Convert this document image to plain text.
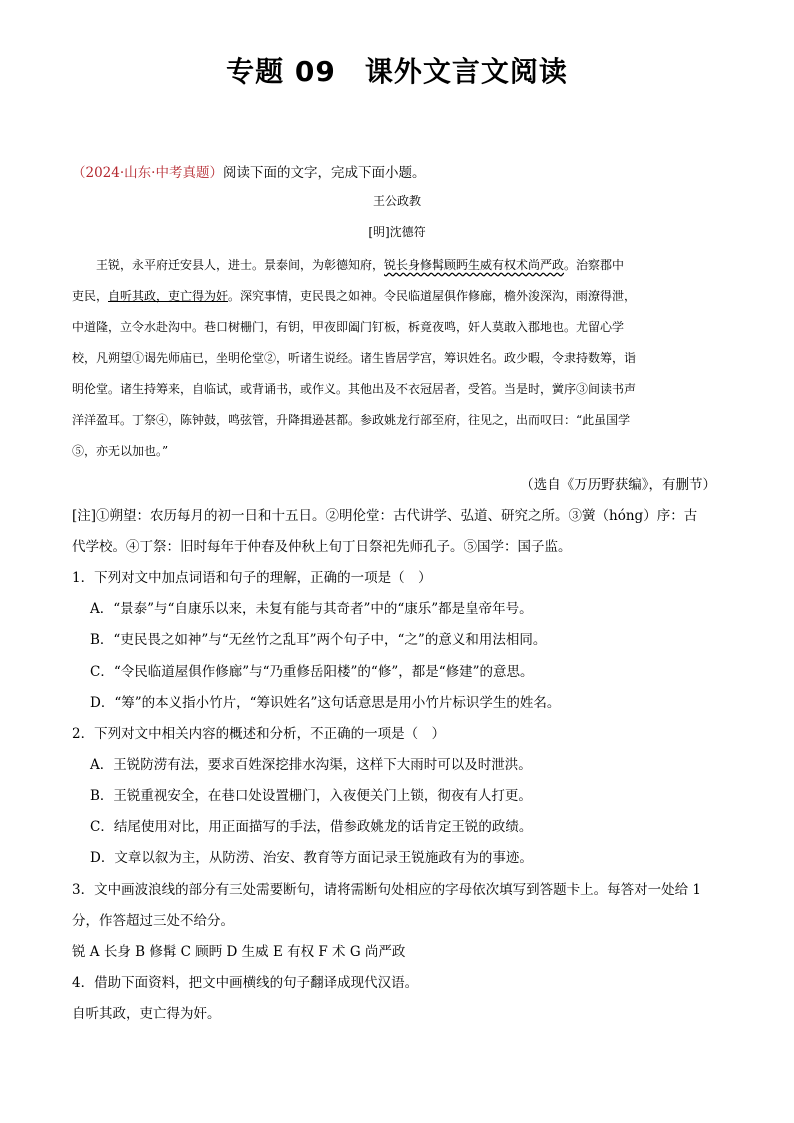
专题 09　课外文言文阅读
（2024·山东·中考真题）阅读下面的文字，完成下面小题。
王公政教
[明]沈德符
　　王锐，永平府迁安县人，进士。景泰间，为彰德知府，锐长身修髯顾眄生威有权术尚严政。治察郡中
吏民，自听其政，吏亡得为奸。深究事情，吏民畏之如神。令民临道屋俱作修廊，檐外浚深沟，雨潦得泄，
中道隆，立令水赴沟中。巷口树栅门，有钥，甲夜即阖门钉板，柝竟夜鸣，奸人莫敢入郡地也。尤留心学
校，凡朔望①谒先师庙已，坐明伦堂②，听诸生说经。诸生皆居学宫，筹识姓名。政少暇，令隶持数筹，诣
明伦堂。诸生持筹来，自临试，或背诵书，或作义。其他出及不衣冠居者，受笞。当是时，黉序③间读书声
洋洋盈耳。丁祭④，陈钟鼓，鸣弦管，升降揖逊甚都。参政姚龙行部至府，往见之，出而叹曰：“此虽国学
⑤，亦无以加也。”
（选自《万历野获编》，有删节）
[注]①朔望：农历每月的初一日和十五日。②明伦堂：古代讲学、弘道、研究之所。③黉（hóng）序：古
代学校。④丁祭：旧时每年于仲春及仲秋上旬丁日祭祀先师孔子。⑤国学：国子监。
1．下列对文中加点词语和句子的理解，正确的一项是（　）
A．“景泰”与“自康乐以来，未复有能与其奇者”中的“康乐”都是皇帝年号。
B．“吏民畏之如神”与“无丝竹之乱耳”两个句子中，“之”的意义和用法相同。
C．“令民临道屋俱作修廊”与“乃重修岳阳楼”的“修”，都是“修建”的意思。
D．“筹”的本义指小竹片，“筹识姓名”这句话意思是用小竹片标识学生的姓名。
2．下列对文中相关内容的概述和分析，不正确的一项是（　）
A．王锐防涝有法，要求百姓深挖排水沟渠，这样下大雨时可以及时泄洪。
B．王锐重视安全，在巷口处设置栅门，入夜便关门上锁，彻夜有人打更。
C．结尾使用对比，用正面描写的手法，借参政姚龙的话肯定王锐的政绩。
D．文章以叙为主，从防涝、治安、教育等方面记录王锐施政有为的事迹。
3．文中画波浪线的部分有三处需要断句，请将需断句处相应的字母依次填写到答题卡上。每答对一处给 1
分，作答超过三处不给分。
锐 A 长身 B 修髯 C 顾眄 D 生威 E 有权 F 术 G 尚严政
4．借助下面资料，把文中画横线的句子翻译成现代汉语。
自听其政，吏亡得为奸。
